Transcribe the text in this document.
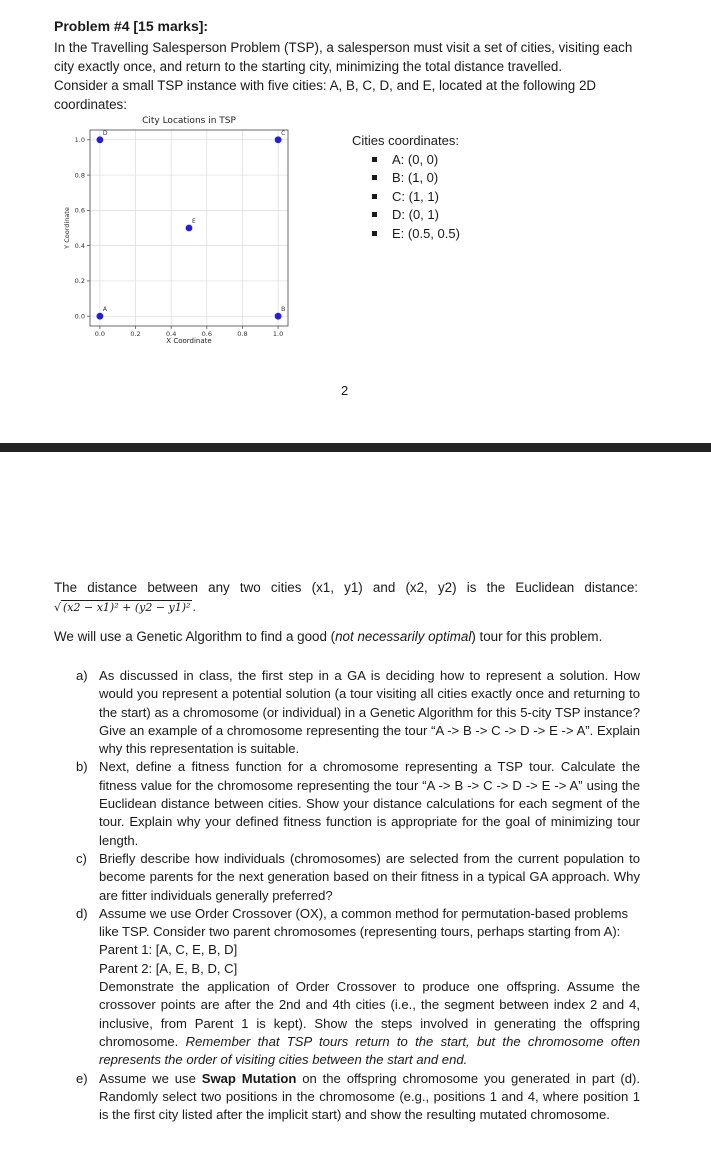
Problem #4 [15 marks]:

In the Travelling Salesperson Problem (TSP), a salesperson must visit a set of cities, visiting each city exactly once, and return to the starting city, minimizing the total distance travelled.

Consider a small TSP instance with five cities: A, B, C, D, and E, located at the following 2D coordinates:

City Locations in TSP
0.0	0.2	0.4	0.6	0.8	1.0
0.0
0.2
0.4
0.6
0.8
1.0
A	B
C
D
E
X Coordinate
Y Coordinate
Cities coordinates:
A: (0, 0)
B: (1, 0)
C: (1, 1)
D: (0, 1)
E: (0.5, 0.5)
2
The distance between any two cities (x1, y1) and (x2, y2) is the Euclidean distance:
√ (x2 − x1)² + (y2 − y1)² .
We will use a Genetic Algorithm to find a good (not necessarily optimal) tour for this problem.
a) As discussed in class, the first step in a GA is deciding how to represent a solution. How would you represent a potential solution (a tour visiting all cities exactly once and returning to the start) as a chromosome (or individual) in a Genetic Algorithm for this 5-city TSP instance? Give an example of a chromosome representing the tour “A -> B -> C -> D -> E -> A”. Explain why this representation is suitable.
b) Next, define a fitness function for a chromosome representing a TSP tour. Calculate the fitness value for the chromosome representing the tour “A -> B -> C -> D -> E -> A” using the Euclidean distance between cities. Show your distance calculations for each segment of the tour. Explain why your defined fitness function is appropriate for the goal of minimizing tour length.
c) Briefly describe how individuals (chromosomes) are selected from the current population to become parents for the next generation based on their fitness in a typical GA approach. Why are fitter individuals generally preferred?
d) Assume we use Order Crossover (OX), a common method for permutation-based problems like TSP. Consider two parent chromosomes (representing tours, perhaps starting from A):

Parent 1: [A, C, E, B, D]

Parent 2: [A, E, B, D, C]

Demonstrate the application of Order Crossover to produce one offspring. Assume the crossover points are after the 2nd and 4th cities (i.e., the segment between index 2 and 4, inclusive, from Parent 1 is kept). Show the steps involved in generating the offspring chromosome. Remember that TSP tours return to the start, but the chromosome often represents the order of visiting cities between the start and end.

e) Assume we use Swap Mutation on the offspring chromosome you generated in part (d). Randomly select two positions in the chromosome (e.g., positions 1 and 4, where position 1 is the first city listed after the implicit start) and show the resulting mutated chromosome.
